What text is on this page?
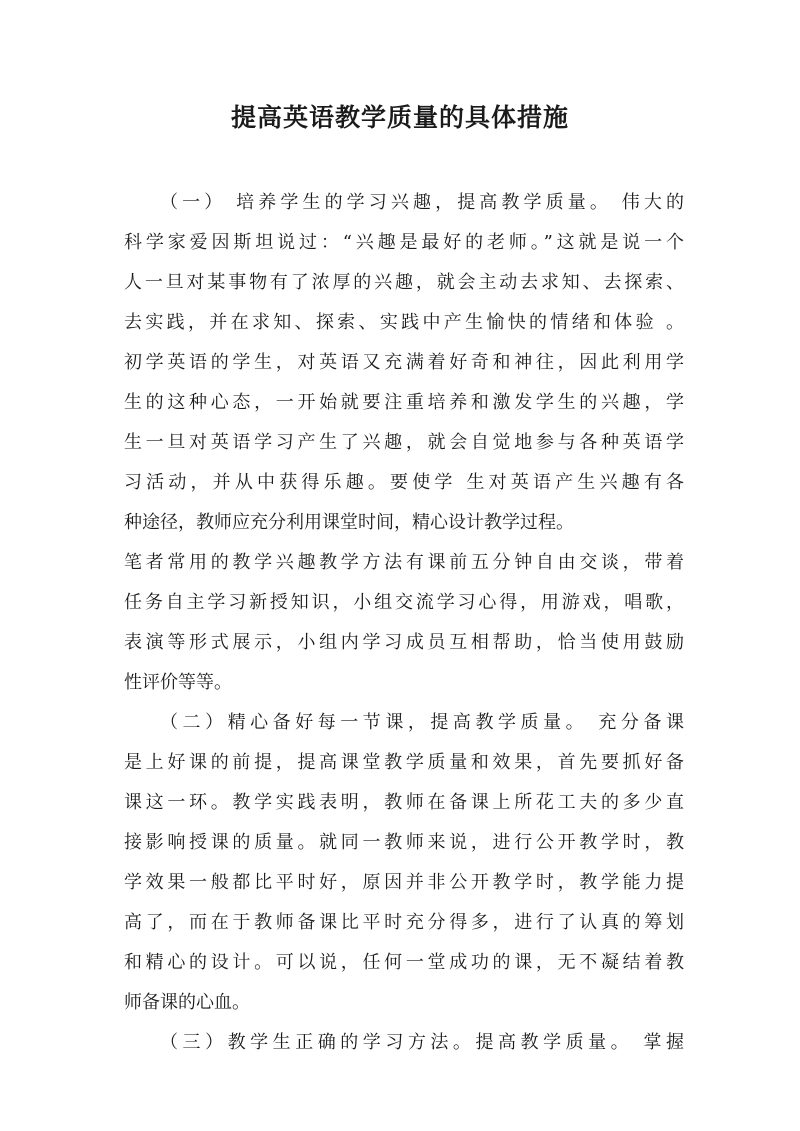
提高英语教学质量的具体措施
（一） 培养学生的学习兴趣，提高教学质量。 伟大的
科学家爱因斯坦说过：“兴趣是最好的老师。”这就是说一个
人一旦对某事物有了浓厚的兴趣，就会主动去求知、去探索、
去实践，并在求知、探索、实践中产生愉快的情绪和体验 。
初学英语的学生，对英语又充满着好奇和神往，因此利用学
生的这种心态，一开始就要注重培养和激发学生的兴趣，学
生一旦对英语学习产生了兴趣，就会自觉地参与各种英语学
习活动，并从中获得乐趣。要使学 生对英语产生兴趣有各
种途径，教师应充分利用课堂时间，精心设计教学过程。
笔者常用的教学兴趣教学方法有课前五分钟自由交谈，带着
任务自主学习新授知识，小组交流学习心得，用游戏，唱歌，
表演等形式展示，小组内学习成员互相帮助，恰当使用鼓励
性评价等等。
（二）精心备好每一节课，提高教学质量。 充分备课
是上好课的前提，提高课堂教学质量和效果，首先要抓好备
课这一环。教学实践表明，教师在备课上所花工夫的多少直
接影响授课的质量。就同一教师来说，进行公开教学时，教
学效果一般都比平时好，原因并非公开教学时，教学能力提
高了，而在于教师备课比平时充分得多，进行了认真的筹划
和精心的设计。可以说，任何一堂成功的课，无不凝结着教
师备课的心血。
（三）教学生正确的学习方法。提高教学质量。 掌握
